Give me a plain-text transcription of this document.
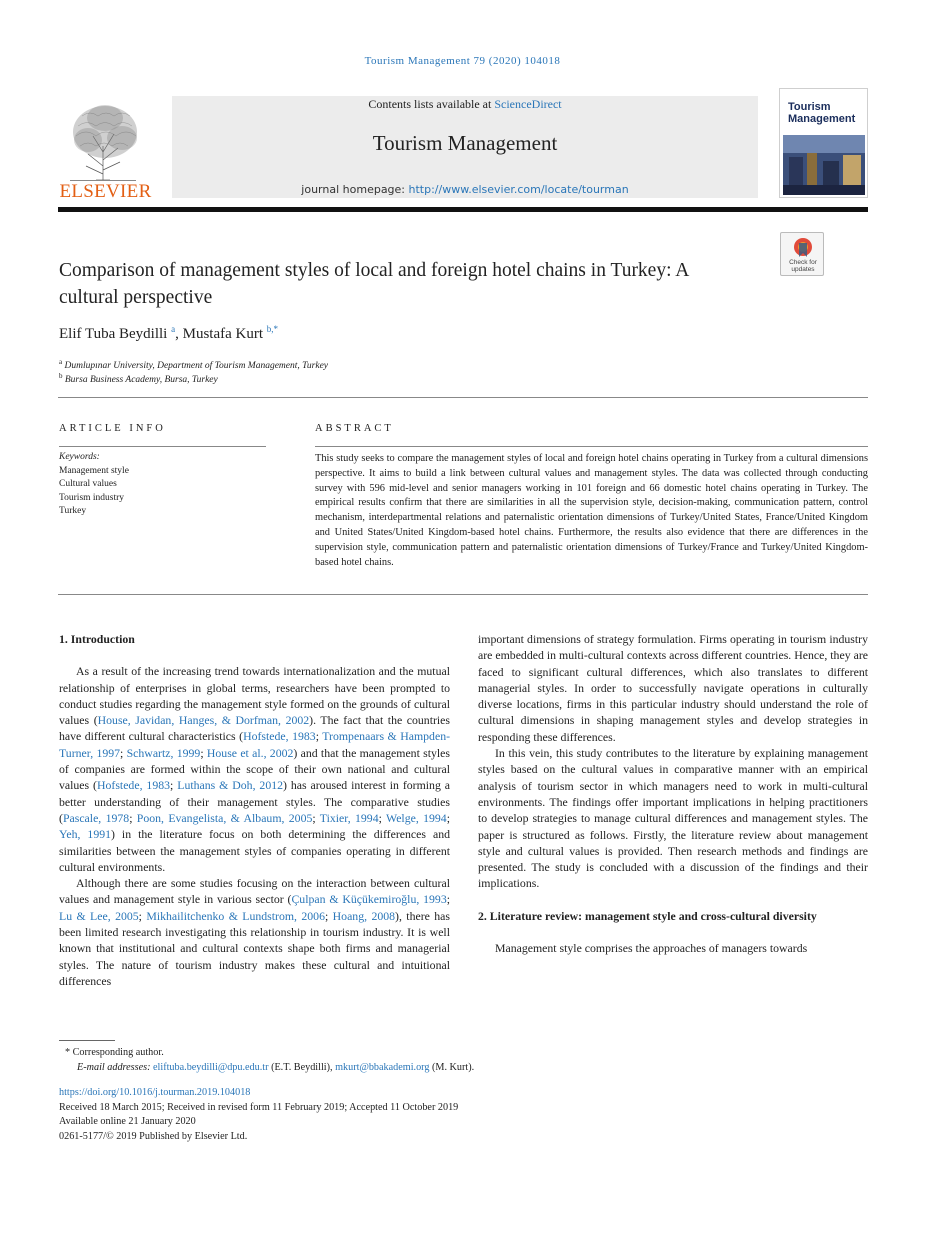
Tourism Management 79 (2020) 104018
Contents lists available at ScienceDirect
Tourism Management
journal homepage: http://www.elsevier.com/locate/tourman
ELSEVIER
Tourism
Management
Check for
updates
Comparison of management styles of local and foreign hotel chains in Turkey: A cultural perspective
Elif Tuba Beydilli $^a$, Mustafa Kurt $^{b,*}$
$^a$ Dumlupınar University, Department of Tourism Management, Turkey
$^b$ Bursa Business Academy, Bursa, Turkey
ARTICLE INFO	ABSTRACT
Keywords:
Management style
Cultural values
Tourism industry
Turkey
This study seeks to compare the management styles of local and foreign hotel chains operating in Turkey from a cultural dimensions perspective. It aims to build a link between cultural values and management styles. The data was collected through conducting survey with 596 mid-level and senior managers working in 101 foreign and 66 domestic hotel chains operating in Turkey. The empirical results confirm that there are similarities in all the supervision style, decision-making, communication pattern, control mechanism, interdepartmental relations and paternalistic orientation dimensions of Turkey/United States, France/United Kingdom and United States/United Kingdom-based hotel chains. Furthermore, the results also evidence that there are differences in the supervision style, communication pattern and paternalistic orientation dimensions of Turkey/France and Turkey/United Kingdom-based hotel chains.
1. Introduction

As a result of the increasing trend towards internationalization and the mutual relationship of enterprises in global terms, researchers have been prompted to conduct studies regarding the management style formed on the grounds of cultural values (House, Javidan, Hanges, & Dorfman, 2002). The fact that the countries have different cultural characteristics (Hofstede, 1983; Trompenaars & Hampden-Turner, 1997; Schwartz, 1999; House et al., 2002) and that the management styles of companies are formed within the scope of their own national and cultural values (Hofstede, 1983; Luthans & Doh, 2012) has aroused interest in forming a better understanding of their management styles. The comparative studies (Pascale, 1978; Poon, Evangelista, & Albaum, 2005; Tixier, 1994; Welge, 1994; Yeh, 1991) in the literature focus on both determining the differences and similarities between the management styles of companies operating in different cultural environments.

Although there are some studies focusing on the interaction between cultural values and management style in various sector (Çulpan & Küçükemiroğlu, 1993; Lu & Lee, 2005; Mikhailitchenko & Lundstrom, 2006; Hoang, 2008), there has been limited research investigating this relationship in tourism industry. It is well known that institutional and cultural contexts shape both firms and managerial styles. The nature of tourism industry makes these cultural and intuitional differences

important dimensions of strategy formulation. Firms operating in tourism industry are embedded in multi-cultural contexts across different countries. Hence, they are faced to significant cultural differences, which also translates to different managerial styles. In order to successfully navigate operations in culturally diverse locations, firms in this particular industry should understand the role of cultural dimensions in shaping management styles and develop strategies in responding these differences.

In this vein, this study contributes to the literature by explaining management styles based on the cultural values in comparative manner with an empirical analysis of tourism sector in which managers need to work in multi-cultural environments. The findings offer important implications in helping practitioners to develop strategies to manage cultural differences and management styles. The paper is structured as follows. Firstly, the literature review about management style and cultural values is provided. Then research methods and findings are presented. The study is concluded with a discussion of the findings and their implications.

2. Literature review: management style and cross-cultural diversity

Management style comprises the approaches of managers towards

* Corresponding author.
E-mail addresses: eliftuba.beydilli@dpu.edu.tr (E.T. Beydilli), mkurt@bbakademi.org (M. Kurt).
https://doi.org/10.1016/j.tourman.2019.104018
Received 18 March 2015; Received in revised form 11 February 2019; Accepted 11 October 2019
Available online 21 January 2020
0261-5177/© 2019 Published by Elsevier Ltd.
